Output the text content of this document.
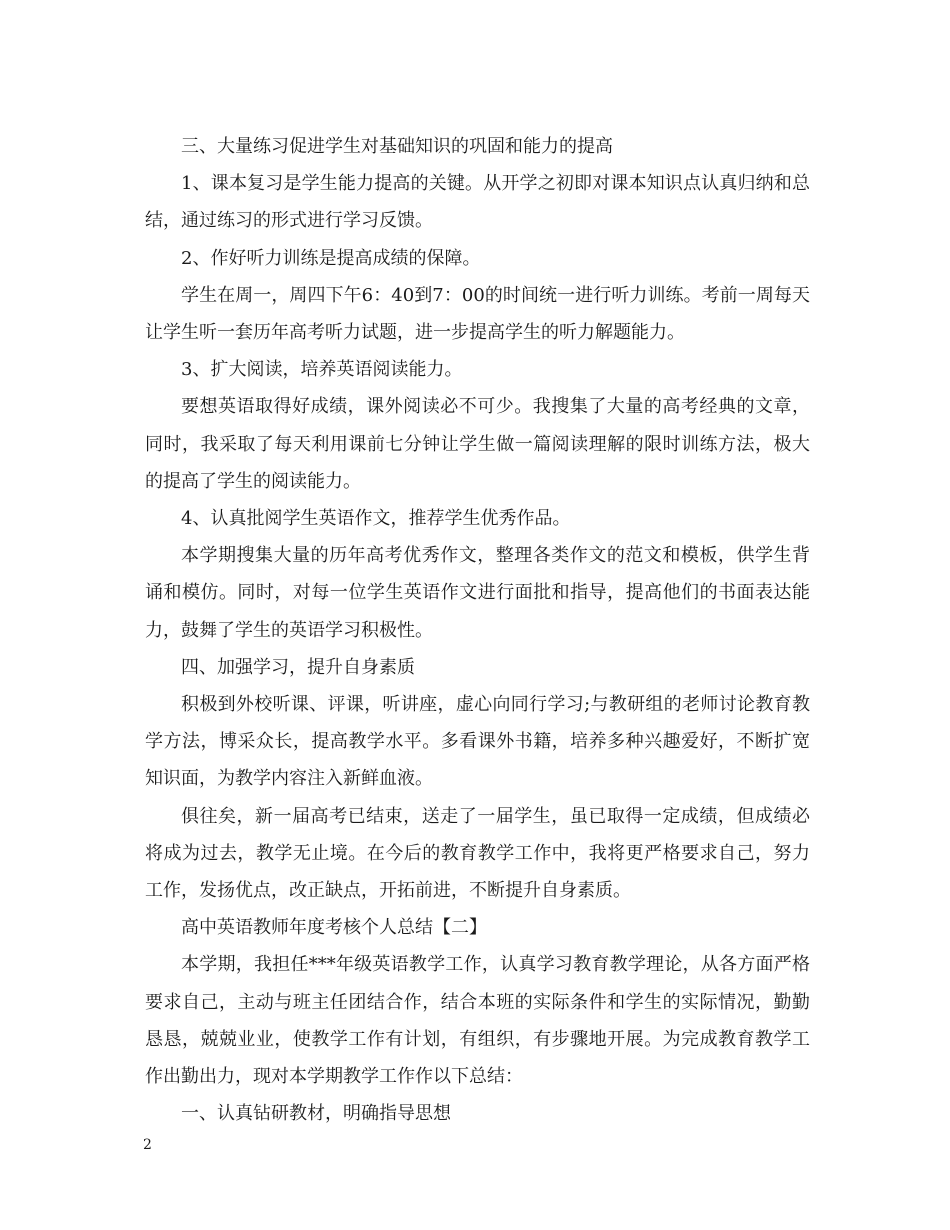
三、大量练习促进学生对基础知识的巩固和能力的提高

1、课本复习是学生能力提高的关键。从开学之初即对课本知识点认真归纳和总结，通过练习的形式进行学习反馈。

2、作好听力训练是提高成绩的保障。

学生在周一，周四下午6：40到7：00的时间统一进行听力训练。考前一周每天让学生听一套历年高考听力试题，进一步提高学生的听力解题能力。

3、扩大阅读，培养英语阅读能力。

要想英语取得好成绩，课外阅读必不可少。我搜集了大量的高考经典的文章，同时，我采取了每天利用课前七分钟让学生做一篇阅读理解的限时训练方法，极大的提高了学生的阅读能力。

4、认真批阅学生英语作文，推荐学生优秀作品。

本学期搜集大量的历年高考优秀作文，整理各类作文的范文和模板，供学生背诵和模仿。同时，对每一位学生英语作文进行面批和指导，提高他们的书面表达能力，鼓舞了学生的英语学习积极性。

四、加强学习，提升自身素质

积极到外校听课、评课，听讲座，虚心向同行学习;与教研组的老师讨论教育教学方法，博采众长，提高教学水平。多看课外书籍，培养多种兴趣爱好，不断扩宽知识面，为教学内容注入新鲜血液。

俱往矣，新一届高考已结束，送走了一届学生，虽已取得一定成绩，但成绩必将成为过去，教学无止境。在今后的教育教学工作中，我将更严格要求自己，努力工作，发扬优点，改正缺点，开拓前进，不断提升自身素质。

高中英语教师年度考核个人总结【二】

本学期，我担任***年级英语教学工作，认真学习教育教学理论，从各方面严格要求自己，主动与班主任团结合作，结合本班的实际条件和学生的实际情况，勤勤恳恳，兢兢业业，使教学工作有计划，有组织，有步骤地开展。为完成教育教学工作出勤出力，现对本学期教学工作作以下总结：

一、认真钻研教材，明确指导思想

2
